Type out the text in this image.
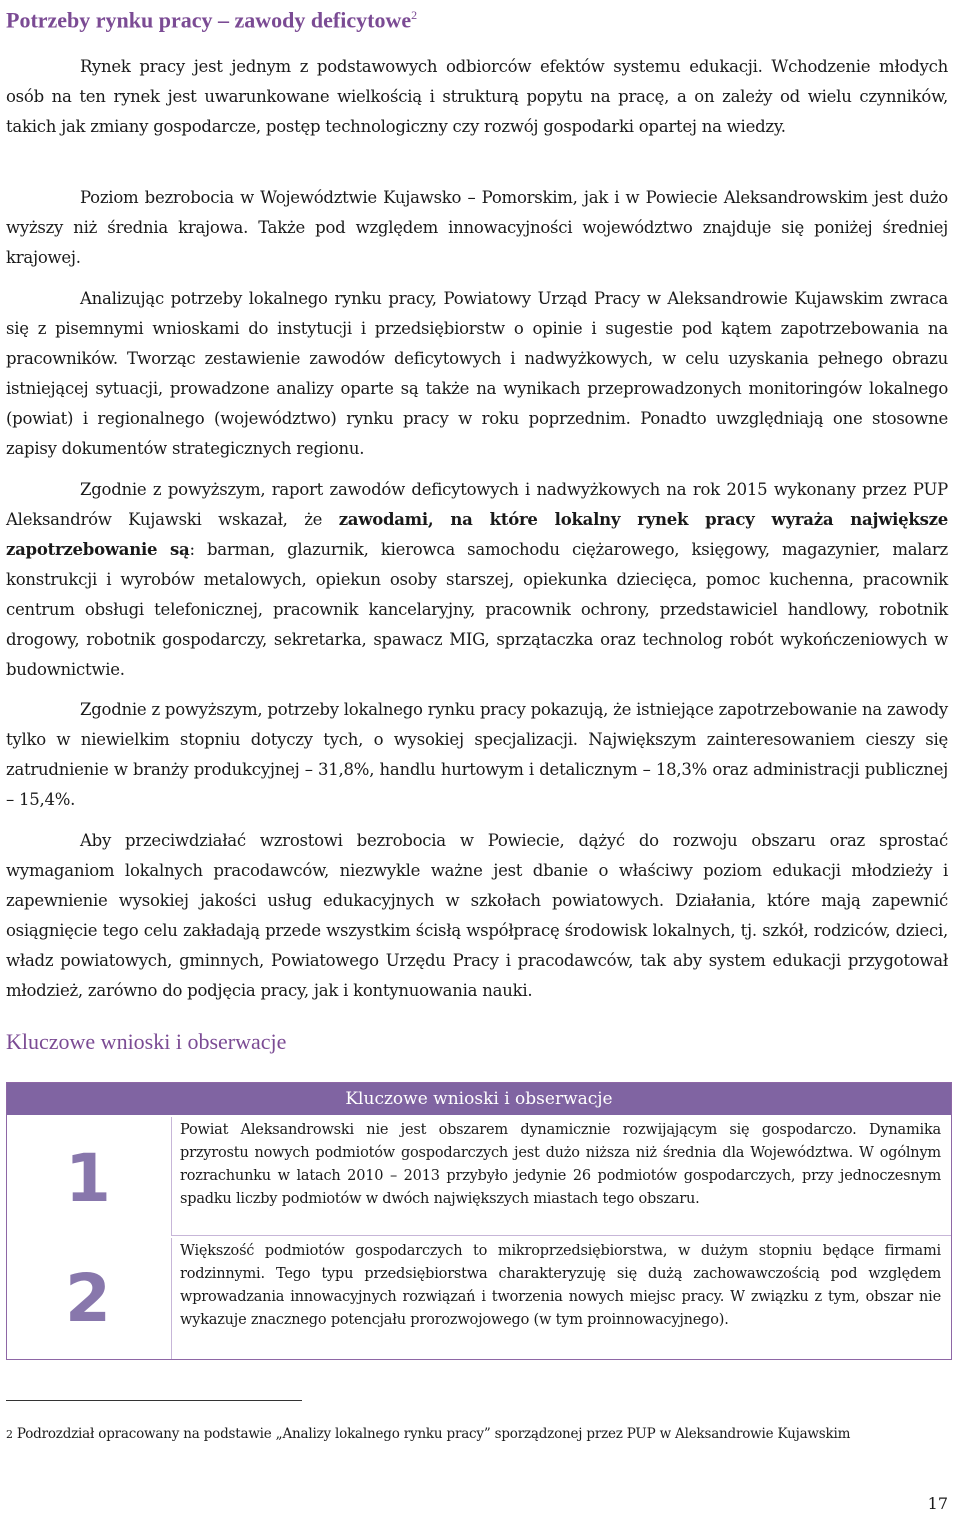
Potrzeby rynku pracy – zawody deficytowe$^2$
Rynek pracy jest jednym z podstawowych odbiorców efektów systemu edukacji. Wchodzenie młodych osób na ten rynek jest uwarunkowane wielkością i strukturą popytu na pracę, a on zależy od wielu czynników, takich jak zmiany gospodarcze, postęp technologiczny czy rozwój gospodarki opartej na wiedzy.
Poziom bezrobocia w Województwie Kujawsko – Pomorskim, jak i w Powiecie Aleksandrowskim jest dużo wyższy niż średnia krajowa. Także pod względem innowacyjności województwo znajduje się poniżej średniej krajowej.
Analizując potrzeby lokalnego rynku pracy, Powiatowy Urząd Pracy w Aleksandrowie Kujawskim zwraca się z pisemnymi wnioskami do instytucji i przedsiębiorstw o opinie i sugestie pod kątem zapotrzebowania na pracowników. Tworząc zestawienie zawodów deficytowych i nadwyżkowych, w celu uzyskania pełnego obrazu istniejącej sytuacji, prowadzone analizy oparte są także na wynikach przeprowadzonych monitoringów lokalnego (powiat) i regionalnego (województwo) rynku pracy w roku poprzednim. Ponadto uwzględniają one stosowne zapisy dokumentów strategicznych regionu.
Zgodnie z powyższym, raport zawodów deficytowych i nadwyżkowych na rok 2015 wykonany przez PUP Aleksandrów Kujawski wskazał, że zawodami, na które lokalny rynek pracy wyraża największe zapotrzebowanie są: barman, glazurnik, kierowca samochodu ciężarowego, księgowy, magazynier, malarz konstrukcji i wyrobów metalowych, opiekun osoby starszej, opiekunka dziecięca, pomoc kuchenna, pracownik centrum obsługi telefonicznej, pracownik kancelaryjny, pracownik ochrony, przedstawiciel handlowy, robotnik drogowy, robotnik gospodarczy, sekretarka, spawacz MIG, sprzątaczka oraz technolog robót wykończeniowych w budownictwie.
Zgodnie z powyższym, potrzeby lokalnego rynku pracy pokazują, że istniejące zapotrzebowanie na zawody tylko w niewielkim stopniu dotyczy tych, o wysokiej specjalizacji. Największym zainteresowaniem cieszy się zatrudnienie w branży produkcyjnej – 31,8%, handlu hurtowym i detalicznym – 18,3% oraz administracji publicznej – 15,4%.
Aby przeciwdziałać wzrostowi bezrobocia w Powiecie, dążyć do rozwoju obszaru oraz sprostać wymaganiom lokalnych pracodawców, niezwykle ważne jest dbanie o właściwy poziom edukacji młodzieży i zapewnienie wysokiej jakości usług edukacyjnych w szkołach powiatowych. Działania, które mają zapewnić osiągnięcie tego celu zakładają przede wszystkim ścisłą współpracę środowisk lokalnych, tj. szkół, rodziców, dzieci, władz powiatowych, gminnych, Powiatowego Urzędu Pracy i pracodawców, tak aby system edukacji przygotował młodzież, zarówno do podjęcia pracy, jak i kontynuowania nauki.
Kluczowe wnioski i obserwacje
Kluczowe wnioski i obserwacje
1
Powiat Aleksandrowski nie jest obszarem dynamicznie rozwijającym się gospodarczo. Dynamika przyrostu nowych podmiotów gospodarczych jest dużo niższa niż średnia dla Województwa. W ogólnym rozrachunku w latach 2010 – 2013 przybyło jedynie 26 podmiotów gospodarczych, przy jednoczesnym spadku liczby podmiotów w dwóch największych miastach tego obszaru.
2
Większość podmiotów gospodarczych to mikroprzedsiębiorstwa, w dużym stopniu będące firmami rodzinnymi. Tego typu przedsiębiorstwa charakteryzuję się dużą zachowawczością pod względem wprowadzania innowacyjnych rozwiązań i tworzenia nowych miejsc pracy. W związku z tym, obszar nie wykazuje znacznego potencjału prorozwojowego (w tym proinnowacyjnego).
2 Podrozdział opracowany na podstawie „Analizy lokalnego rynku pracy” sporządzonej przez PUP w Aleksandrowie Kujawskim
17
